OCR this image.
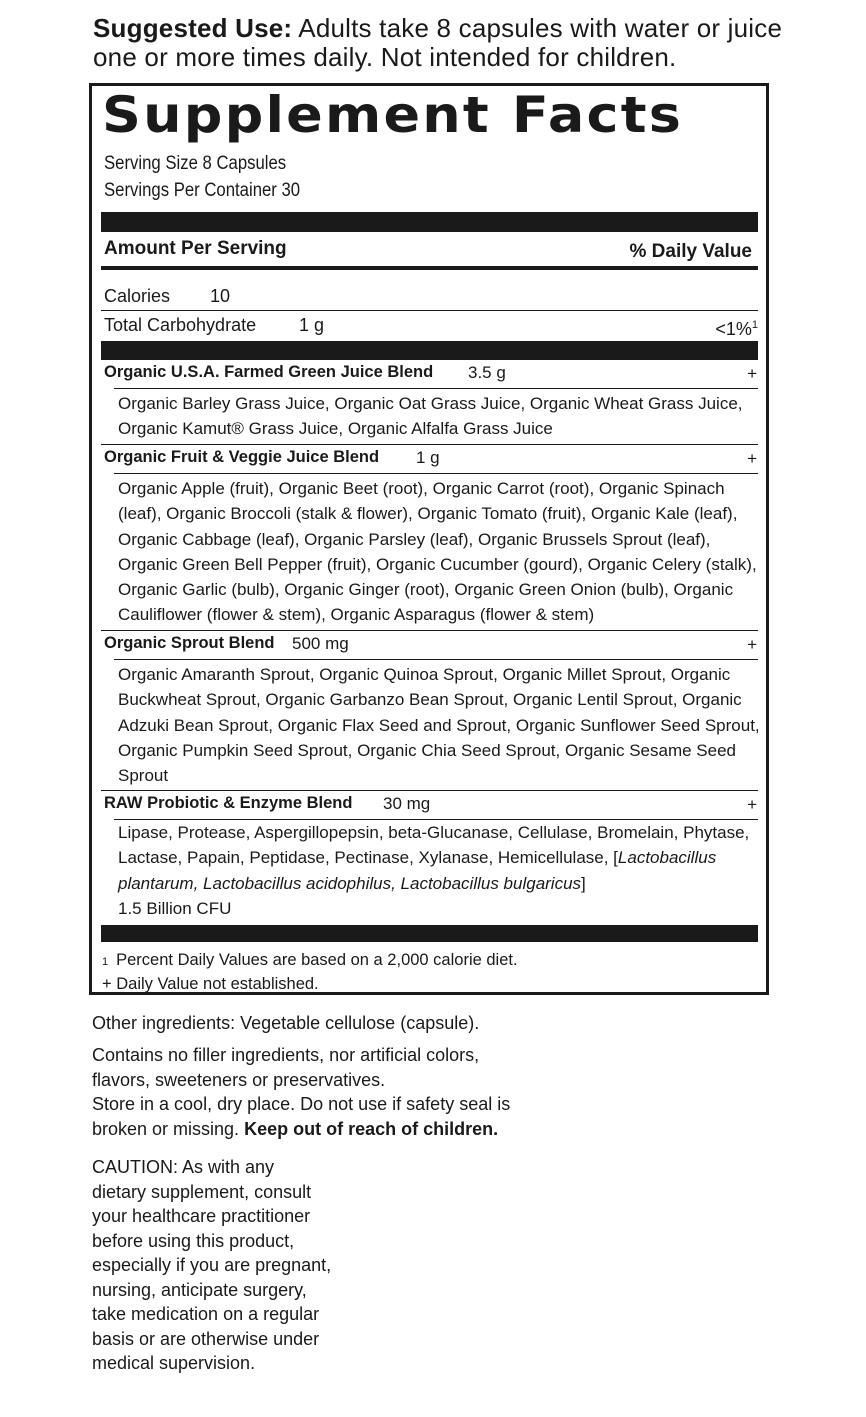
Suggested Use: Adults take 8 capsules with water or juice one or more times daily. Not intended for children.
Supplement Facts
Serving Size 8 Capsules
Servings Per Container 30
Amount Per Serving	% Daily Value
Calories 10
Total Carbohydrate 1 g	<1%$^1$
Organic U.S.A. Farmed Green Juice Blend 3.5 g	+
Organic Barley Grass Juice, Organic Oat Grass Juice, Organic Wheat Grass Juice, Organic Kamut® Grass Juice, Organic Alfalfa Grass Juice
Organic Fruit & Veggie Juice Blend 1 g	+
Organic Apple (fruit), Organic Beet (root), Organic Carrot (root), Organic Spinach (leaf), Organic Broccoli (stalk & flower), Organic Tomato (fruit), Organic Kale (leaf), Organic Cabbage (leaf), Organic Parsley (leaf), Organic Brussels Sprout (leaf), Organic Green Bell Pepper (fruit), Organic Cucumber (gourd), Organic Celery (stalk), Organic Garlic (bulb), Organic Ginger (root), Organic Green Onion (bulb), Organic Cauliflower (flower & stem), Organic Asparagus (flower & stem)
Organic Sprout Blend 500 mg	+
Organic Amaranth Sprout, Organic Quinoa Sprout, Organic Millet Sprout, Organic Buckwheat Sprout, Organic Garbanzo Bean Sprout, Organic Lentil Sprout, Organic Adzuki Bean Sprout, Organic Flax Seed and Sprout, Organic Sunflower Seed Sprout, Organic Pumpkin Seed Sprout, Organic Chia Seed Sprout, Organic Sesame Seed Sprout
RAW Probiotic & Enzyme Blend 30 mg	+
Lipase, Protease, Aspergillopepsin, beta-Glucanase, Cellulase, Bromelain, Phytase, Lactase, Papain, Peptidase, Pectinase, Xylanase, Hemicellulase, [Lactobacillus plantarum, Lactobacillus acidophilus, Lactobacillus bulgaricus]
1.5 Billion CFU
$^1$ Percent Daily Values are based on a 2,000 calorie diet.
+ Daily Value not established.
Other ingredients: Vegetable cellulose (capsule).
Contains no filler ingredients, nor artificial colors, flavors, sweeteners or preservatives.
Store in a cool, dry place. Do not use if safety seal is broken or missing. Keep out of reach of children.
CAUTION: As with any dietary supplement, consult your healthcare practitioner before using this product, especially if you are pregnant, nursing, anticipate surgery, take medication on a regular basis or are otherwise under medical supervision.
